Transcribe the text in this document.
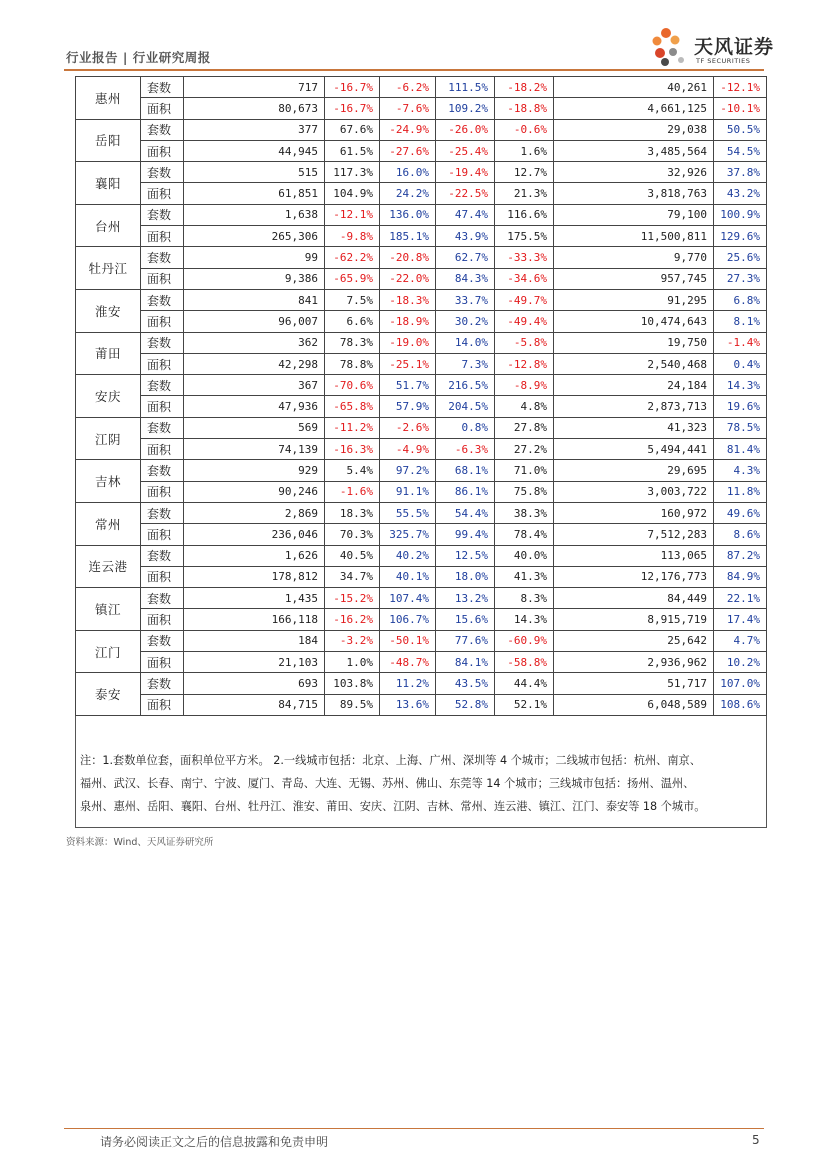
行业报告 | 行业研究周报	天风证券
TF SECURITIES
惠州	套数	717	-16.7%	-6.2%	111.5%	-18.2%	40,261	-12.1%
	面积	80,673	-16.7%	-7.6%	109.2%	-18.8%	4,661,125	-10.1%
岳阳	套数	377	67.6%	-24.9%	-26.0%	-0.6%	29,038	50.5%
	面积	44,945	61.5%	-27.6%	-25.4%	1.6%	3,485,564	54.5%
襄阳	套数	515	117.3%	16.0%	-19.4%	12.7%	32,926	37.8%
	面积	61,851	104.9%	24.2%	-22.5%	21.3%	3,818,763	43.2%
台州	套数	1,638	-12.1%	136.0%	47.4%	116.6%	79,100	100.9%
	面积	265,306	-9.8%	185.1%	43.9%	175.5%	11,500,811	129.6%
牡丹江	套数	99	-62.2%	-20.8%	62.7%	-33.3%	9,770	25.6%
	面积	9,386	-65.9%	-22.0%	84.3%	-34.6%	957,745	27.3%
淮安	套数	841	7.5%	-18.3%	33.7%	-49.7%	91,295	6.8%
	面积	96,007	6.6%	-18.9%	30.2%	-49.4%	10,474,643	8.1%
莆田	套数	362	78.3%	-19.0%	14.0%	-5.8%	19,750	-1.4%
	面积	42,298	78.8%	-25.1%	7.3%	-12.8%	2,540,468	0.4%
安庆	套数	367	-70.6%	51.7%	216.5%	-8.9%	24,184	14.3%
	面积	47,936	-65.8%	57.9%	204.5%	4.8%	2,873,713	19.6%
江阴	套数	569	-11.2%	-2.6%	0.8%	27.8%	41,323	78.5%
	面积	74,139	-16.3%	-4.9%	-6.3%	27.2%	5,494,441	81.4%
吉林	套数	929	5.4%	97.2%	68.1%	71.0%	29,695	4.3%
	面积	90,246	-1.6%	91.1%	86.1%	75.8%	3,003,722	11.8%
常州	套数	2,869	18.3%	55.5%	54.4%	38.3%	160,972	49.6%
	面积	236,046	70.3%	325.7%	99.4%	78.4%	7,512,283	8.6%
连云港	套数	1,626	40.5%	40.2%	12.5%	40.0%	113,065	87.2%
	面积	178,812	34.7%	40.1%	18.0%	41.3%	12,176,773	84.9%
镇江	套数	1,435	-15.2%	107.4%	13.2%	8.3%	84,449	22.1%
	面积	166,118	-16.2%	106.7%	15.6%	14.3%	8,915,719	17.4%
江门	套数	184	-3.2%	-50.1%	77.6%	-60.9%	25,642	4.7%
	面积	21,103	1.0%	-48.7%	84.1%	-58.8%	2,936,962	10.2%
泰安	套数	693	103.8%	11.2%	43.5%	44.4%	51,717	107.0%
	面积	84,715	89.5%	13.6%	52.8%	52.1%	6,048,589	108.6%
注：1.套数单位套，面积单位平方米。 2.一线城市包括：北京、上海、广州、深圳等 4 个城市；二线城市包括：杭州、南京、
福州、武汉、长春、南宁、宁波、厦门、青岛、大连、无锡、苏州、佛山、东莞等 14 个城市；三线城市包括：扬州、温州、
泉州、惠州、岳阳、襄阳、台州、牡丹江、淮安、莆田、安庆、江阴、吉林、常州、连云港、镇江、江门、泰安等 18 个城市。
资料来源：Wind、天风证券研究所
请务必阅读正文之后的信息披露和免责申明	5
